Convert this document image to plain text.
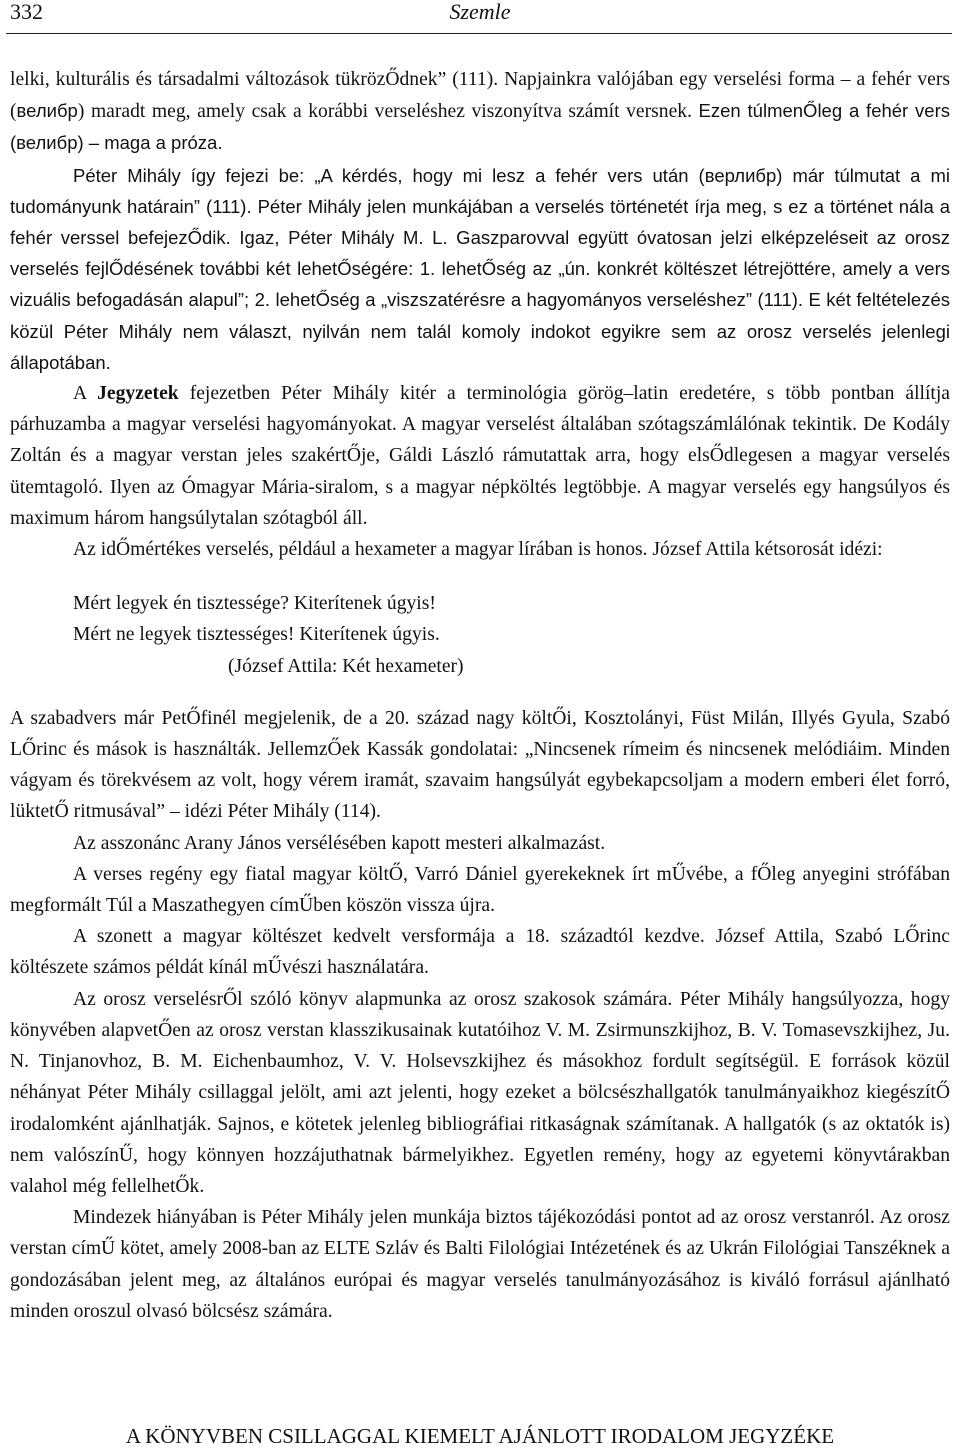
332	Szemle

lelki, kulturális és társadalmi változások tükrözŐdnek” (111). Napjainkra valójában egy verselési forma – a fehér vers (велибр) maradt meg, amely csak a korábbi verseléshez viszonyítva számít versnek. Ezen túlmenŐleg a fehér vers (велибр) – maga a próza.

Péter Mihály így fejezi be: „A kérdés, hogy mi lesz a fehér vers után (верлибр) már túlmutat a mi tudományunk határain” (111). Péter Mihály jelen munkájában a verselés történetét írja meg, s ez a történet nála a fehér verssel befejezŐdik. Igaz, Péter Mihály M. L. Gaszparovval együtt óvatosan jelzi elképzeléseit az orosz verselés fejlŐdésének további két lehetŐségére: 1. lehetŐség az „ún. konkrét költészet létrejöttére, amely a vers vizuális befogadásán alapul”; 2. lehetŐség a „viszszatérésre a hagyományos verseléshez” (111). E két feltételezés közül Péter Mihály nem választ, nyilván nem talál komoly indokot egyikre sem az orosz verselés jelenlegi állapotában.

A Jegyzetek fejezetben Péter Mihály kitér a terminológia görög–latin eredetére, s több pontban állítja párhuzamba a magyar verselési hagyományokat. A magyar verselést általában szótagszámlálónak tekintik. De Kodály Zoltán és a magyar verstan jeles szakértŐje, Gáldi László rámutattak arra, hogy elsŐdlegesen a magyar verselés ütemtagoló. Ilyen az Ómagyar Mária-siralom, s a magyar népköltés legtöbbje. A magyar verselés egy hangsúlyos és maximum három hangsúlytalan szótagból áll.

Az idŐmértékes verselés, például a hexameter a magyar lírában is honos. József Attila kétsorosát idézi:

Mért legyek én tisztessége? Kiterítenek úgyis!
Mért ne legyek tisztességes! Kiterítenek úgyis.
(József Attila: Két hexameter)

A szabadvers már PetŐfinél megjelenik, de a 20. század nagy költŐi, Kosztolányi, Füst Milán, Illyés Gyula, Szabó LŐrinc és mások is használták. JellemzŐek Kassák gondolatai: „Nincsenek rímeim és nincsenek melódiáim. Minden vágyam és törekvésem az volt, hogy vérem iramát, szavaim hangsúlyát egybekapcsoljam a modern emberi élet forró, lüktetŐ ritmusával” – idézi Péter Mihály (114).

Az asszonánc Arany János versélésében kapott mesteri alkalmazást.

A verses regény egy fiatal magyar költŐ, Varró Dániel gyerekeknek írt mŰvébe, a fŐleg anyegini strófában megformált Túl a Maszathegyen címŰben köszön vissza újra.

A szonett a magyar költészet kedvelt versformája a 18. századtól kezdve. József Attila, Szabó LŐrinc költészete számos példát kínál mŰvészi használatára.

Az orosz verselésrŐl szóló könyv alapmunka az orosz szakosok számára. Péter Mihály hangsúlyozza, hogy könyvében alapvetŐen az orosz verstan klasszikusainak kutatóihoz V. M. Zsirmunszkijhoz, B. V. Tomasevszkijhez, Ju. N. Tinjanovhoz, B. M. Eichenbaumhoz, V. V. Holsevszkijhez és másokhoz fordult segítségül. E források közül néhányat Péter Mihály csillaggal jelölt, ami azt jelenti, hogy ezeket a bölcsészhallgatók tanulmányaikhoz kiegészítŐ irodalomként ajánlhatják. Sajnos, e kötetek jelenleg bibliográfiai ritkaságnak számítanak. A hallgatók (s az oktatók is) nem valószínŰ, hogy könnyen hozzájuthatnak bármelyikhez. Egyetlen remény, hogy az egyetemi könyvtárakban valahol még fellelhetŐk.

Mindezek hiányában is Péter Mihály jelen munkája biztos tájékozódási pontot ad az orosz verstanról. Az orosz verstan címŰ kötet, amely 2008-ban az ELTE Szláv és Balti Filológiai Intézetének és az Ukrán Filológiai Tanszéknek a gondozásában jelent meg, az általános európai és magyar verselés tanulmányozásához is kiváló forrásul ajánlható minden oroszul olvasó bölcsész számára.

A KÖNYVBEN CSILLAGGAL KIEMELT AJÁNLOTT IRODALOM JEGYZÉKE
